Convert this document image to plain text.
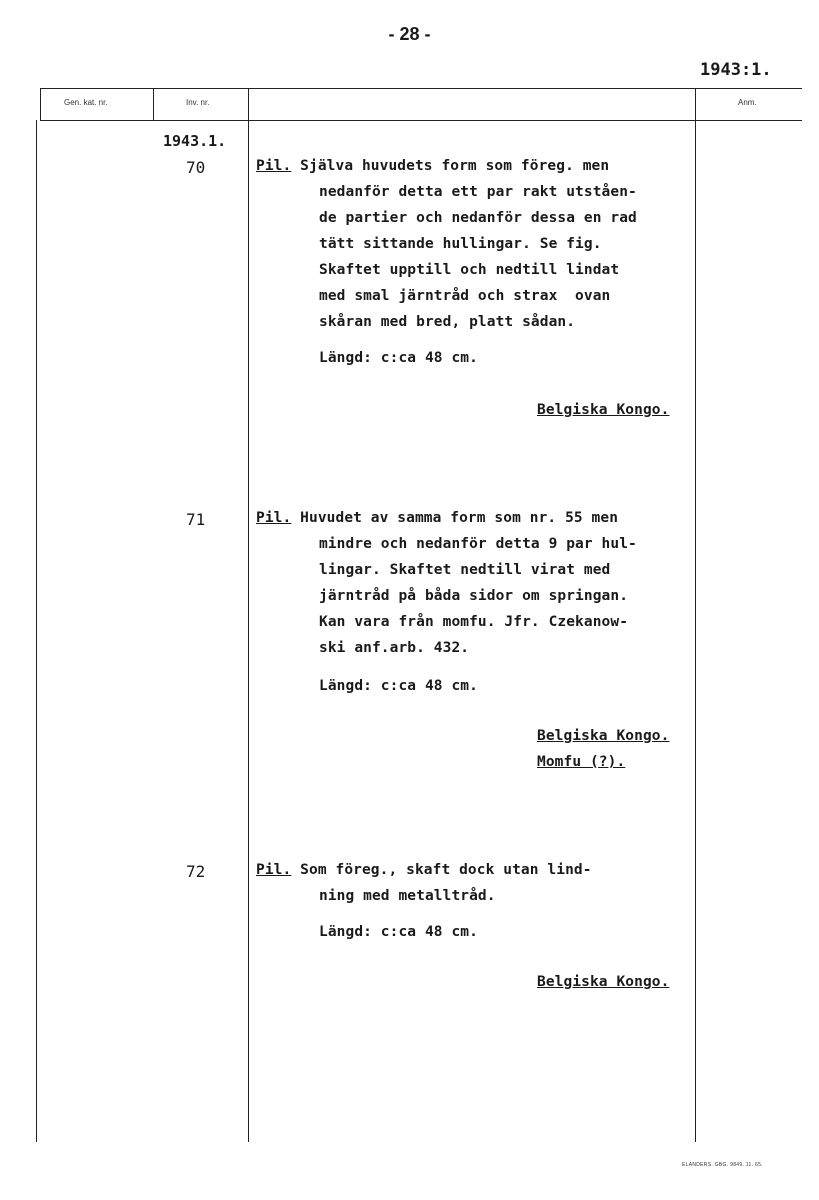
- 28 -
1943:1.
Gen. kat. nr.	Inv. nr.	Anm.
1943.1.
70	Pil. Själva huvudets form som föreg. men
nedanför detta ett par rakt utståen-
de partier och nedanför dessa en rad
tätt sittande hullingar. Se fig.
Skaftet upptill och nedtill lindat
med smal järntråd och strax  ovan
skåran med bred, platt sådan.
Längd: c:ca 48 cm.
Belgiska Kongo.
71	Pil. Huvudet av samma form som nr. 55 men
mindre och nedanför detta 9 par hul-
lingar. Skaftet nedtill virat med
järntråd på båda sidor om springan.
Kan vara från momfu. Jfr. Czekanow-
ski anf.arb. 432.
Längd: c:ca 48 cm.
Belgiska Kongo.
Momfu (?).
72	Pil. Som föreg., skaft dock utan lind-
ning med metalltråd.
Längd: c:ca 48 cm.
Belgiska Kongo.
ELANDERS. GBG. 9849. 11. 65.
